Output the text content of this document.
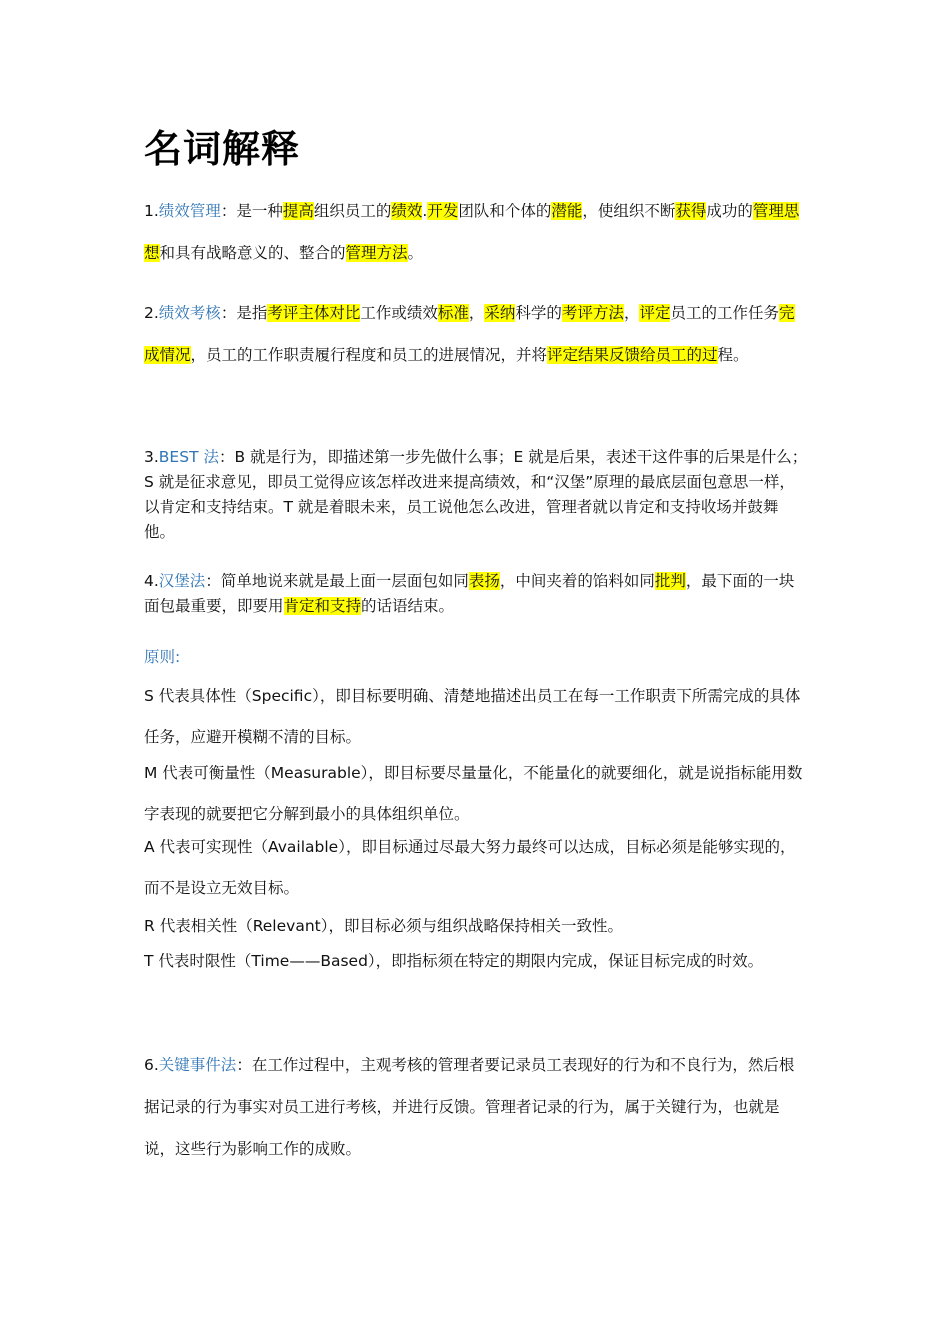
名词解释

1.绩效管理：是一种提高组织员工的绩效.开发团队和个体的潜能，使组织不断获得成功的管理思想和具有战略意义的、整合的管理方法。

2.绩效考核：是指考评主体对比工作或绩效标准，采纳科学的考评方法，评定员工的工作任务完成情况，员工的工作职责履行程度和员工的进展情况，并将评定结果反馈给员工的过程。

3.BEST 法：B 就是行为，即描述第一步先做什么事；E 就是后果，表述干这件事的后果是什么；S 就是征求意见，即员工觉得应该怎样改进来提高绩效，和“汉堡”原理的最底层面包意思一样，以肯定和支持结束。T 就是着眼未来，员工说他怎么改进，管理者就以肯定和支持收场并鼓舞他。

4.汉堡法：简单地说来就是最上面一层面包如同表扬，中间夹着的馅料如同批判，最下面的一块面包最重要，即要用肯定和支持的话语结束。

原则:

S 代表具体性（Specific），即目标要明确、清楚地描述出员工在每一工作职责下所需完成的具体任务，应避开模糊不清的目标。

M 代表可衡量性（Measurable），即目标要尽量量化，不能量化的就要细化，就是说指标能用数字表现的就要把它分解到最小的具体组织单位。

A 代表可实现性（Available），即目标通过尽最大努力最终可以达成，目标必须是能够实现的，而不是设立无效目标。

R 代表相关性（Relevant），即目标必须与组织战略保持相关一致性。

T 代表时限性（Time——Based），即指标须在特定的期限内完成，保证目标完成的时效。

6.关键事件法：在工作过程中，主观考核的管理者要记录员工表现好的行为和不良行为，然后根据记录的行为事实对员工进行考核，并进行反馈。管理者记录的行为，属于关键行为，也就是说，这些行为影响工作的成败。
